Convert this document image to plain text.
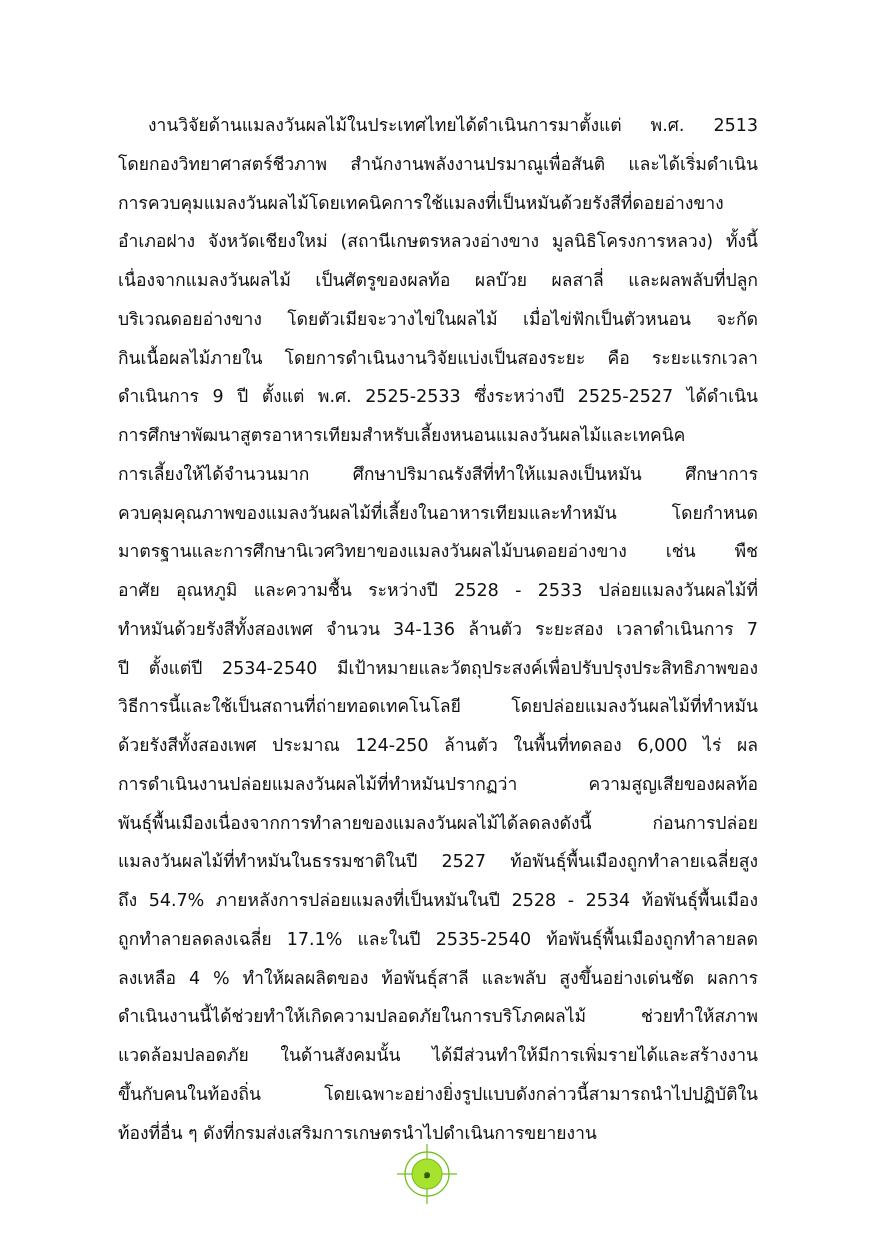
งานวิจัยด้านแมลงวันผลไม้ในประเทศไทยได้ดำเนินการมาตั้งแต่ พ.ศ. 2513
โดยกองวิทยาศาสตร์ชีวภาพ สำนักงานพลังงานปรมาณูเพื่อสันติ และได้เริ่มดำเนิน
การควบคุมแมลงวันผลไม้โดยเทคนิคการใช้แมลงที่เป็นหมันด้วยรังสีที่ดอยอ่างขาง
อำเภอฝาง จังหวัดเชียงใหม่ (สถานีเกษตรหลวงอ่างขาง มูลนิธิโครงการหลวง) ทั้งนี้
เนื่องจากแมลงวันผลไม้ เป็นศัตรูของผลท้อ ผลบ๊วย ผลสาลี่ และผลพลับที่ปลูก
บริเวณดอยอ่างขาง โดยตัวเมียจะวางไข่ในผลไม้ เมื่อไข่ฟักเป็นตัวหนอน จะกัด
กินเนื้อผลไม้ภายใน โดยการดำเนินงานวิจัยแบ่งเป็นสองระยะ คือ ระยะแรกเวลา
ดำเนินการ 9 ปี ตั้งแต่ พ.ศ. 2525-2533 ซึ่งระหว่างปี 2525-2527 ได้ดำเนิน
การศึกษาพัฒนาสูตรอาหารเทียมสำหรับเลี้ยงหนอนแมลงวันผลไม้และเทคนิค
การเลี้ยงให้ได้จำนวนมาก ศึกษาปริมาณรังสีที่ทำให้แมลงเป็นหมัน ศึกษาการ
ควบคุมคุณภาพของแมลงวันผลไม้ที่เลี้ยงในอาหารเทียมและทำหมัน โดยกำหนด
มาตรฐานและการศึกษานิเวศวิทยาของแมลงวันผลไม้บนดอยอ่างขาง เช่น พืช
อาศัย อุณหภูมิ และความชื้น ระหว่างปี 2528 - 2533 ปล่อยแมลงวันผลไม้ที่
ทำหมันด้วยรังสีทั้งสองเพศ จำนวน 34-136 ล้านตัว ระยะสอง เวลาดำเนินการ 7
ปี ตั้งแต่ปี 2534-2540 มีเป้าหมายและวัตถุประสงค์เพื่อปรับปรุงประสิทธิภาพของ
วิธีการนี้และใช้เป็นสถานที่ถ่ายทอดเทคโนโลยี โดยปล่อยแมลงวันผลไม้ที่ทำหมัน
ด้วยรังสีทั้งสองเพศ ประมาณ 124-250 ล้านตัว ในพื้นที่ทดลอง 6,000 ไร่ ผล
การดำเนินงานปล่อยแมลงวันผลไม้ที่ทำหมันปรากฏว่า ความสูญเสียของผลท้อ
พันธุ์พื้นเมืองเนื่องจากการทำลายของแมลงวันผลไม้ได้ลดลงดังนี้ ก่อนการปล่อย
แมลงวันผลไม้ที่ทำหมันในธรรมชาติในปี 2527 ท้อพันธุ์พื้นเมืองถูกทำลายเฉลี่ยสูง
ถึง 54.7% ภายหลังการปล่อยแมลงที่เป็นหมันในปี 2528 - 2534 ท้อพันธุ์พื้นเมือง
ถูกทำลายลดลงเฉลี่ย 17.1% และในปี 2535-2540 ท้อพันธุ์พื้นเมืองถูกทำลายลด
ลงเหลือ 4 % ทำให้ผลผลิตของ ท้อพันธุ์สาลี และพลับ สูงขึ้นอย่างเด่นชัด ผลการ
ดำเนินงานนี้ได้ช่วยทำให้เกิดความปลอดภัยในการบริโภคผลไม้ ช่วยทำให้สภาพ
แวดล้อมปลอดภัย ในด้านสังคมนั้น ได้มีส่วนทำให้มีการเพิ่มรายได้และสร้างงาน
ขึ้นกับคนในท้องถิ่น โดยเฉพาะอย่างยิ่งรูปแบบดังกล่าวนี้สามารถนำไปปฏิบัติใน
ท้องที่อื่น ๆ ดังที่กรมส่งเสริมการเกษตรนำไปดำเนินการขยายงาน
๑
